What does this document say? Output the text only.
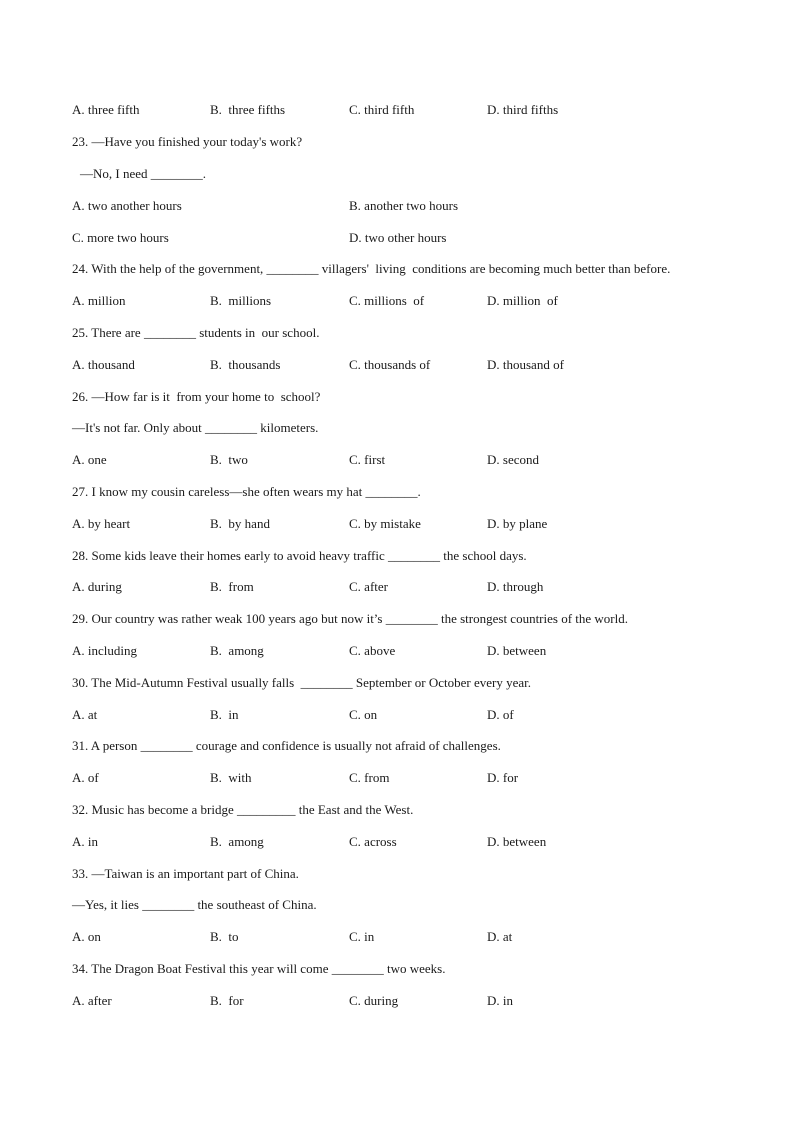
A. three fifth	B.  three fifths	C. third fifth	D. third fifths
23. —Have you finished your today's work?
—No, I need ________.
A. two another hours	B. another two hours
C. more two hours	D. two other hours
24. With the help of the government, ________ villagers'  living  conditions are becoming much better than before.
A. million	B.  millions	C. millions  of	D. million  of
25. There are ________ students in  our school.
A. thousand	B.  thousands	C. thousands of	D. thousand of
26. —How far is it  from your home to  school?
—It's not far. Only about ________ kilometers.
A. one	B.  two	C. first	D. second
27. I know my cousin careless—she often wears my hat ________.
A. by heart	B.  by hand	C. by mistake	D. by plane
28. Some kids leave their homes early to avoid heavy traffic ________ the school days.
A. during	B.  from	C. after	D. through
29. Our country was rather weak 100 years ago but now it’s ________ the strongest countries of the world.
A. including	B.  among	C. above	D. between
30. The Mid-Autumn Festival usually falls  ________ September or October every year.
A. at	B.  in	C. on	D. of
31. A person ________ courage and confidence is usually not afraid of challenges.
A. of	B.  with	C. from	D. for
32. Music has become a bridge _________ the East and the West.
A. in	B.  among	C. across	D. between
33. —Taiwan is an important part of China.
—Yes, it lies ________ the southeast of China.
A. on	B.  to	C. in	D. at
34. The Dragon Boat Festival this year will come ________ two weeks.
A. after	B.  for	C. during	D. in
